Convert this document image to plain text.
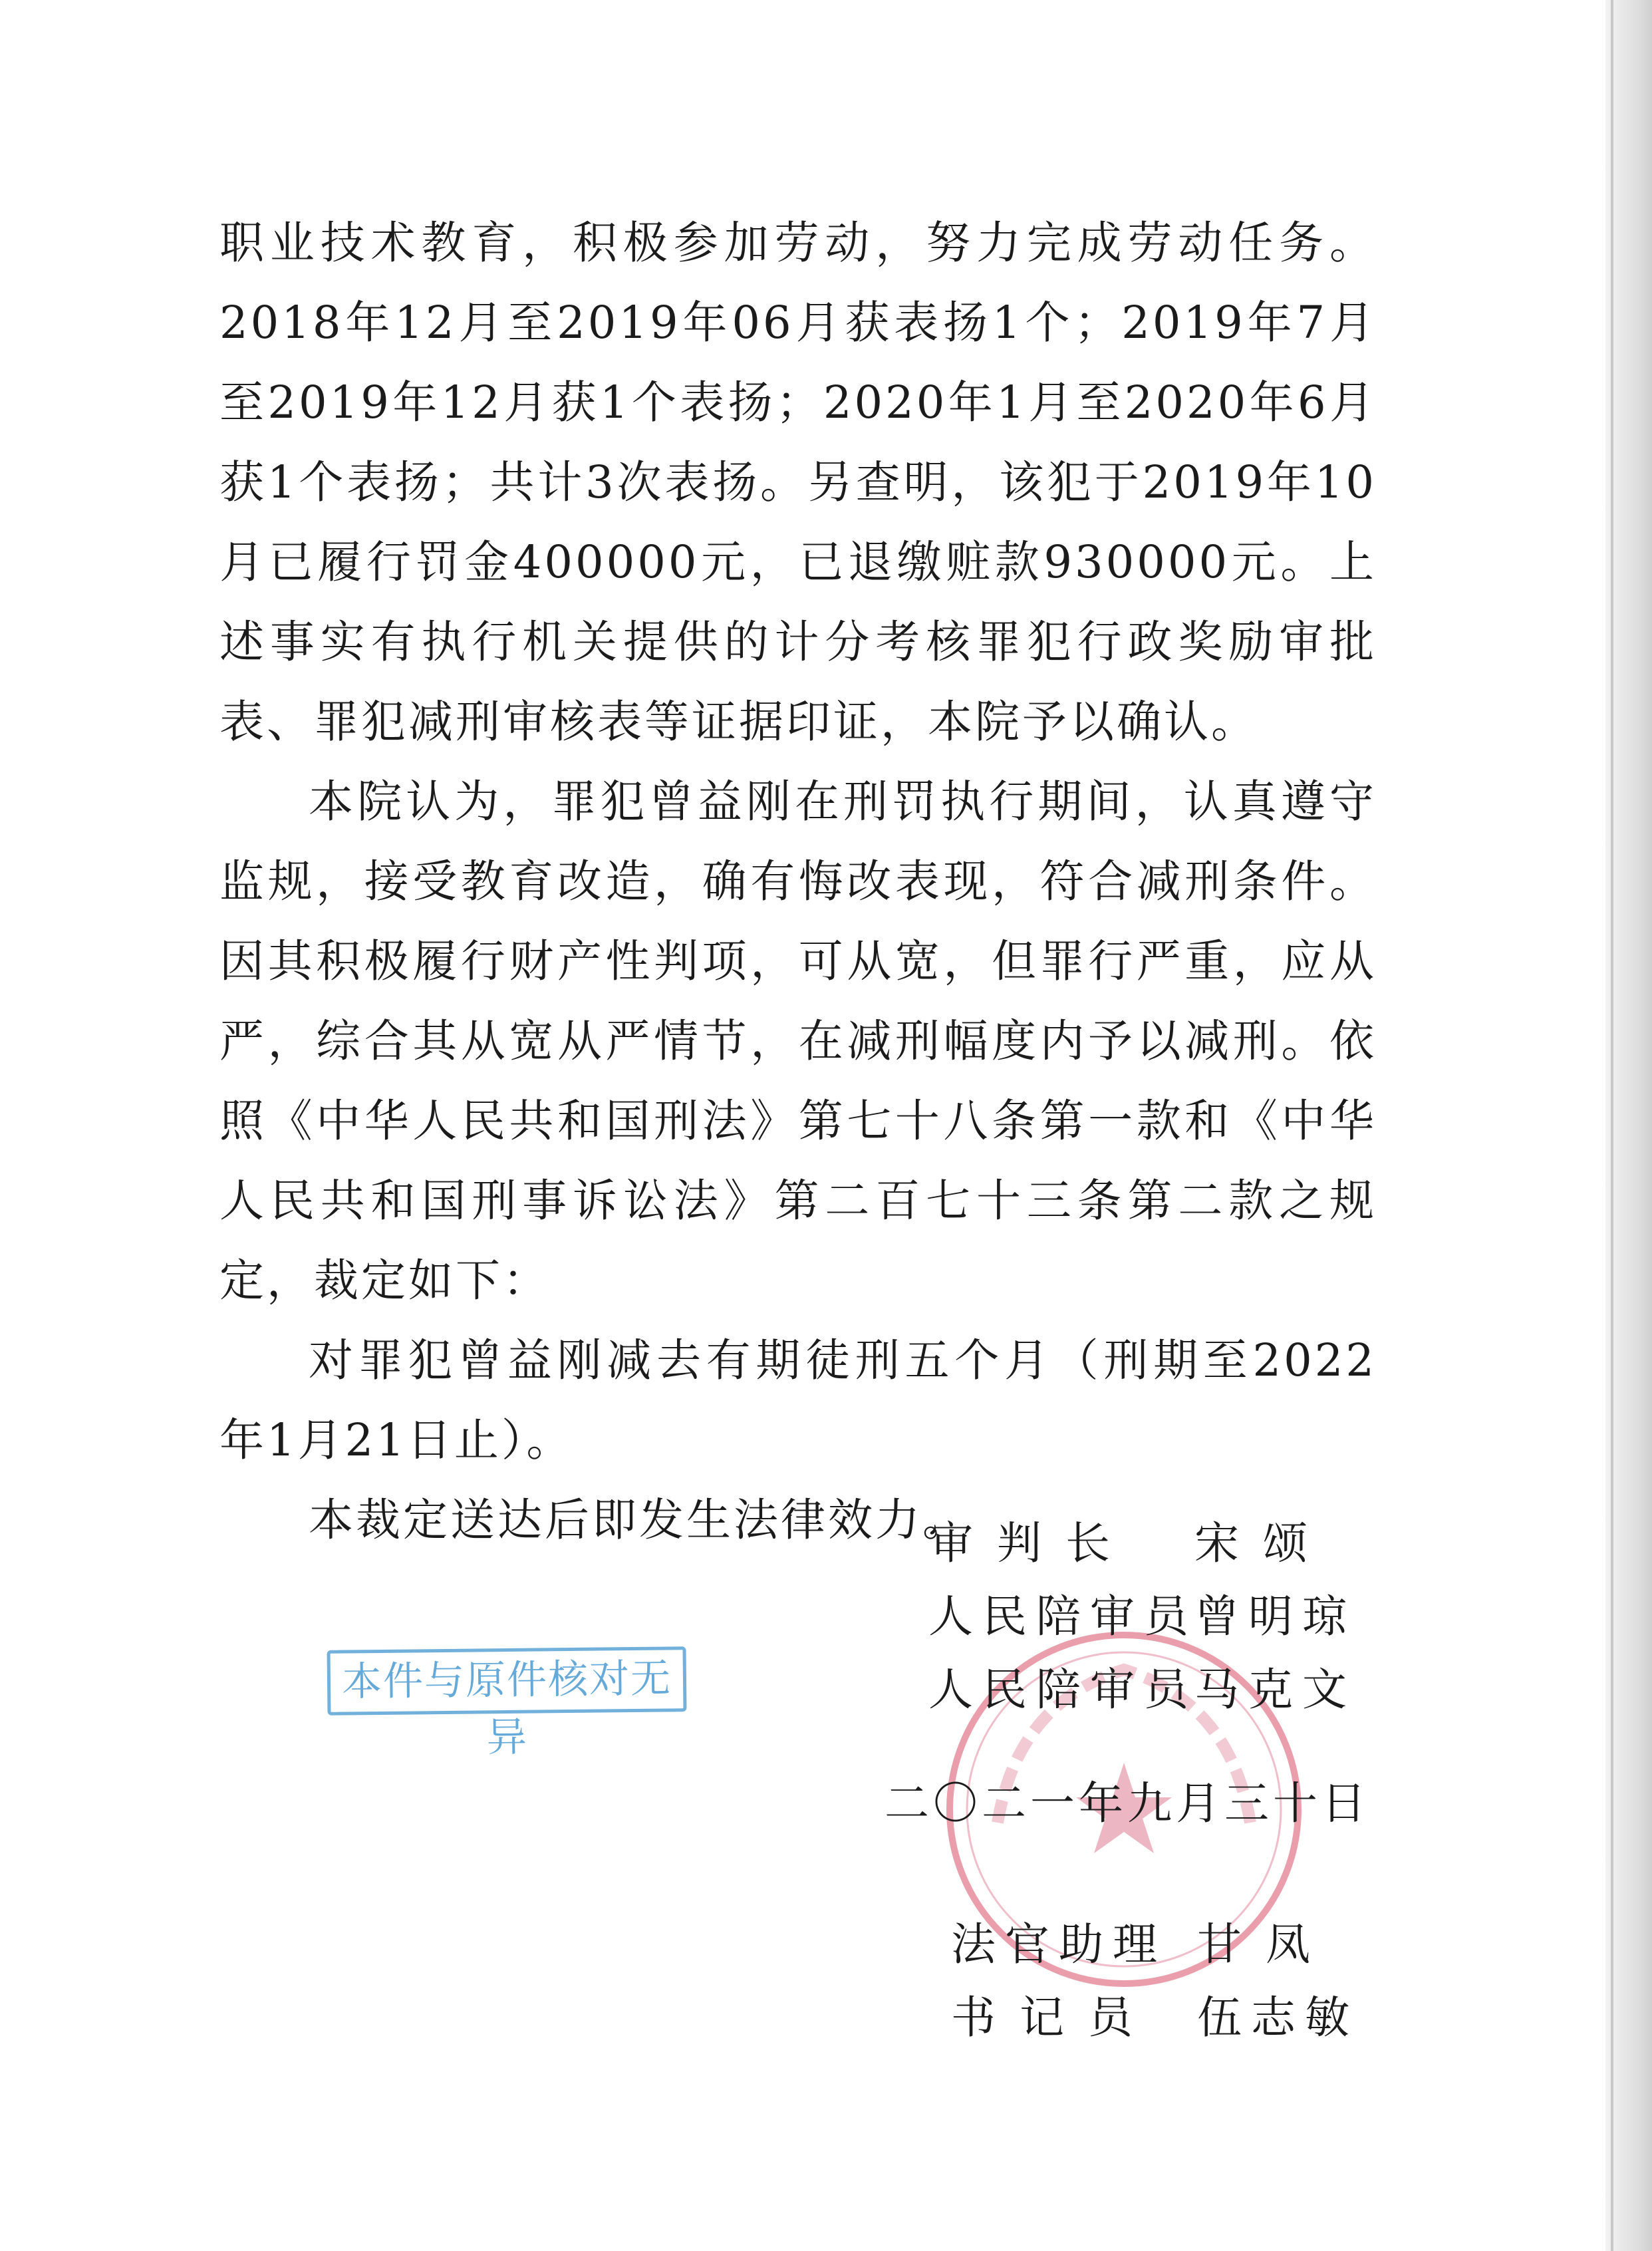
职业技术教育，积极参加劳动，努力完成劳动任务。2018年12月至2019年06月获表扬1个；2019年7月至2019年12月获1个表扬；2020年1月至2020年6月获1个表扬；共计3次表扬。另查明，该犯于2019年10月已履行罚金400000元，已退缴赃款930000元。上述事实有执行机关提供的计分考核罪犯行政奖励审批表、罪犯减刑审核表等证据印证，本院予以确认。

本院认为，罪犯曾益刚在刑罚执行期间，认真遵守监规，接受教育改造，确有悔改表现，符合减刑条件。因其积极履行财产性判项，可从宽，但罪行严重，应从严，综合其从宽从严情节，在减刑幅度内予以减刑。依照《中华人民共和国刑法》第七十八条第一款和《中华人民共和国刑事诉讼法》第二百七十三条第二款之规定，裁定如下：

对罪犯曾益刚减去有期徒刑五个月（刑期至2022年1月21日止）。

本裁定送达后即发生法律效力。

审判长 宋颂
人民陪审员
曾明琼
人民陪审员
马克文
本件与原件核对无异
二〇二一年九月三十日
法官助理 甘凤
书记员 伍志敏
